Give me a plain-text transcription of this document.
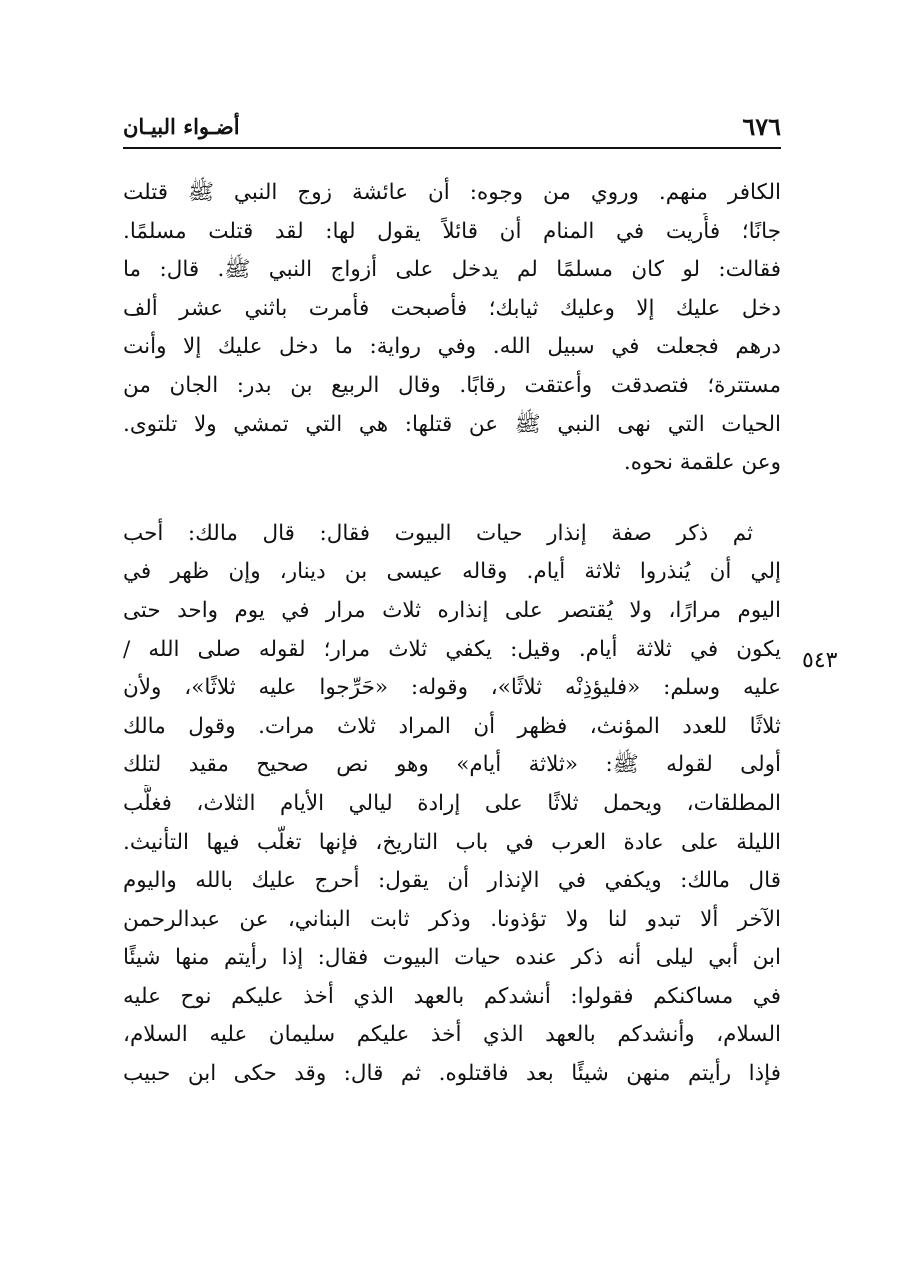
٦٧٦
أضـواء البيـان
٥٤٣
الكافر منهم. وروي من وجوه: أن عائشة زوج النبي ﷺ قتلت
جانًا؛ فأُريت في المنام أن قائلاً يقول لها: لقد قتلت مسلمًا.
فقالت: لو كان مسلمًا لم يدخل على أزواج النبي ﷺ. قال: ما
دخل عليك إلا وعليك ثيابك؛ فأصبحت فأمرت باثني عشر ألف
درهم فجعلت في سبيل الله. وفي رواية: ما دخل عليك إلا وأنت
مستترة؛ فتصدقت وأعتقت رقابًا. وقال الربيع بن بدر: الجان من
الحيات التي نهى النبي ﷺ عن قتلها: هي التي تمشي ولا تلتوى.
وعن علقمة نحوه.
ثم ذكر صفة إنذار حيات البيوت فقال: قال مالك: أحب
إلي أن يُنذروا ثلاثة أيام. وقاله عيسى بن دينار، وإن ظهر في
اليوم مرارًا، ولا يُقتصر على إنذاره ثلاث مرار في يوم واحد حتى
يكون في ثلاثة أيام. وقيل: يكفي ثلاث مرار؛ لقوله صلى الله /
عليه وسلم: «فليؤذِنْه ثلاثًا»، وقوله: «حَرِّجوا عليه ثلاثًا»، ولأن
ثلاثًا للعدد المؤنث، فظهر أن المراد ثلاث مرات. وقول مالك
أولى لقوله ﷺ: «ثلاثة أيام» وهو نص صحيح مقيد لتلك
المطلقات، ويحمل ثلاثًا على إرادة ليالي الأيام الثلاث، فغلَّب
الليلة على عادة العرب في باب التاريخ، فإنها تغلّب فيها التأنيث.
قال مالك: ويكفي في الإنذار أن يقول: أحرج عليك بالله واليوم
الآخر ألا تبدو لنا ولا تؤذونا. وذكر ثابت البناني، عن عبدالرحمن
ابن أبي ليلى أنه ذكر عنده حيات البيوت فقال: إذا رأيتم منها شيئًا
في مساكنكم فقولوا: أنشدكم بالعهد الذي أخذ عليكم نوح عليه
السلام، وأنشدكم بالعهد الذي أخذ عليكم سليمان عليه السلام،
فإذا رأيتم منهن شيئًا بعد فاقتلوه. ثم قال: وقد حكى ابن حبيب
